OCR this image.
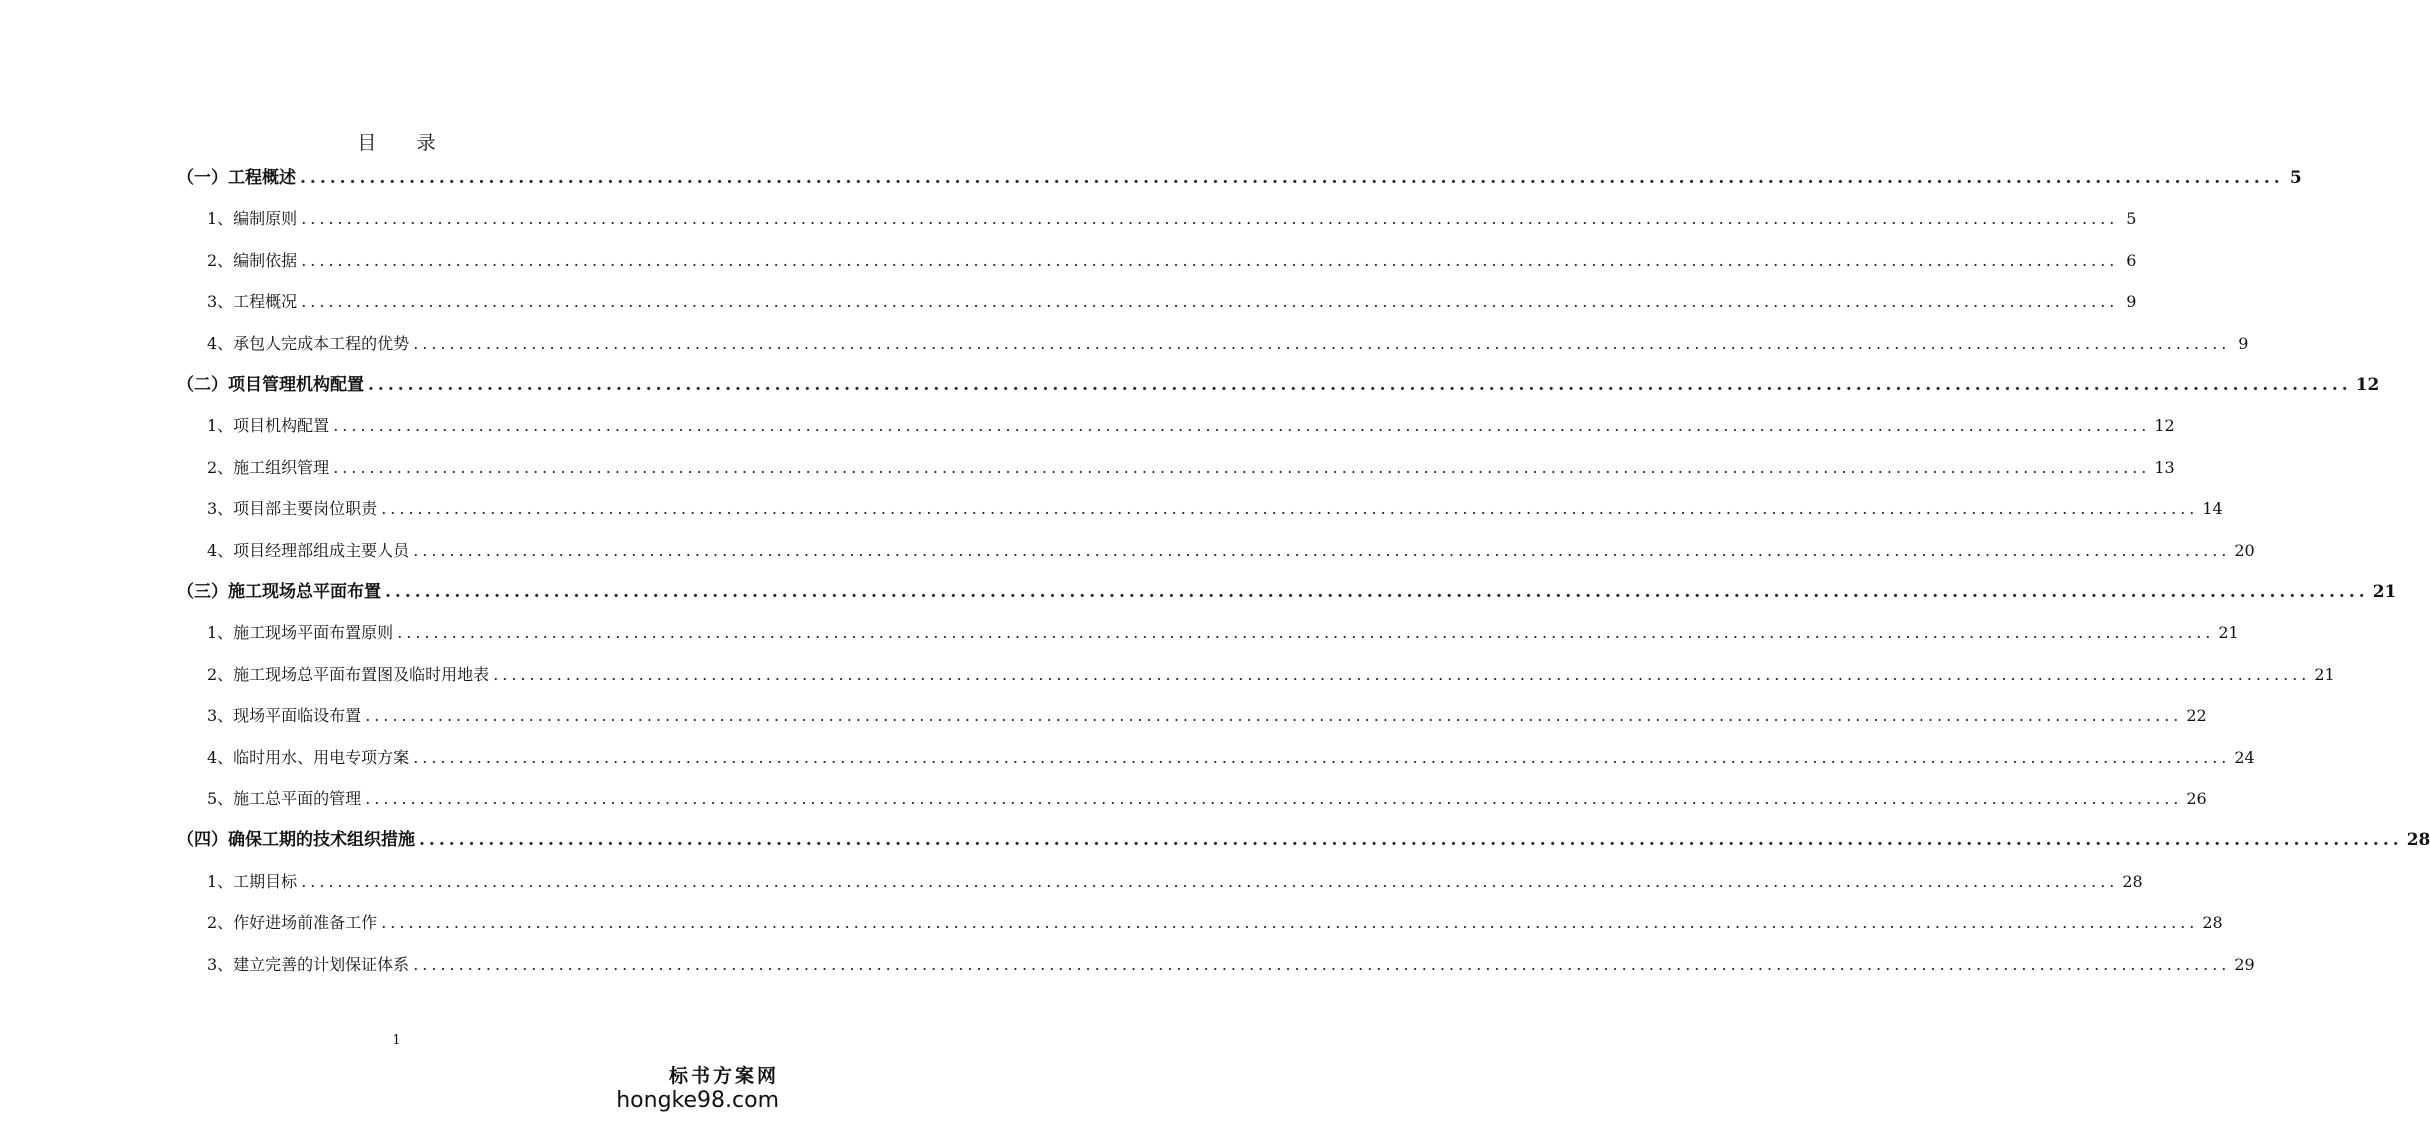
目 录
（一）工程概述 ........................................................................................................................................................................................................ 5
1、编制原则 ........................................................................................................................................................................................................ 5
2、编制依据 ........................................................................................................................................................................................................ 6
3、工程概况 ........................................................................................................................................................................................................ 9
4、承包人完成本工程的优势 ........................................................................................................................................................................................................ 9
（二）项目管理机构配置 ........................................................................................................................................................................................................ 12
1、项目机构配置 ........................................................................................................................................................................................................ 12
2、施工组织管理 ........................................................................................................................................................................................................ 13
3、项目部主要岗位职责 ........................................................................................................................................................................................................ 14
4、项目经理部组成主要人员 ........................................................................................................................................................................................................ 20
（三）施工现场总平面布置 ........................................................................................................................................................................................................ 21
1、施工现场平面布置原则 ........................................................................................................................................................................................................ 21
2、施工现场总平面布置图及临时用地表 ........................................................................................................................................................................................................ 21
3、现场平面临设布置 ........................................................................................................................................................................................................ 22
4、临时用水、用电专项方案 ........................................................................................................................................................................................................ 24
5、施工总平面的管理 ........................................................................................................................................................................................................ 26
（四）确保工期的技术组织措施 ........................................................................................................................................................................................................ 28
1、工期目标 ........................................................................................................................................................................................................ 28
2、作好进场前准备工作 ........................................................................................................................................................................................................ 28
3、建立完善的计划保证体系 ........................................................................................................................................................................................................ 29
1
标书方案网
hongke98.com
